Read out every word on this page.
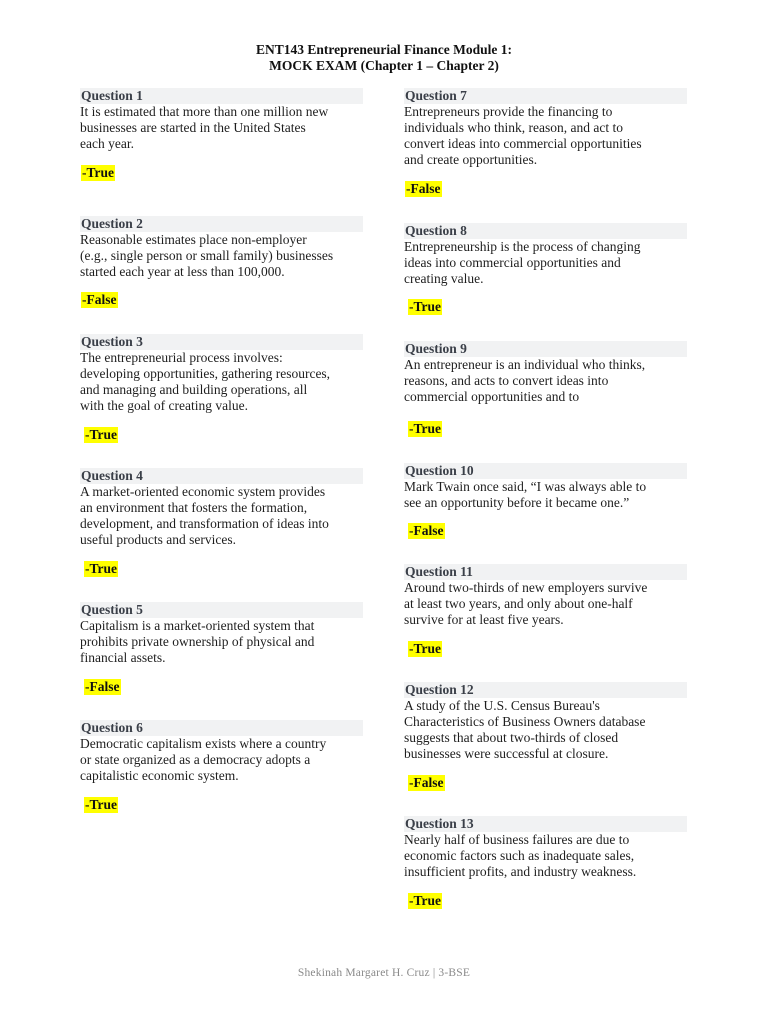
ENT143 Entrepreneurial Finance Module 1:
MOCK EXAM (Chapter 1 – Chapter 2)
Question 1
It is estimated that more than one million new
businesses are started in the United States
each year.
-True
Question 2
Reasonable estimates place non-employer
(e.g., single person or small family) businesses
started each year at less than 100,000.
-False
Question 3
The entrepreneurial process involves:
developing opportunities, gathering resources,
and managing and building operations, all
with the goal of creating value.
-True
Question 4
A market-oriented economic system provides
an environment that fosters the formation,
development, and transformation of ideas into
useful products and services.
-True
Question 5
Capitalism is a market-oriented system that
prohibits private ownership of physical and
financial assets.
-False
Question 6
Democratic capitalism exists where a country
or state organized as a democracy adopts a
capitalistic economic system.
-True
Question 7
Entrepreneurs provide the financing to
individuals who think, reason, and act to
convert ideas into commercial opportunities
and create opportunities.
-False
Question 8
Entrepreneurship is the process of changing
ideas into commercial opportunities and
creating value.
-True
Question 9
An entrepreneur is an individual who thinks,
reasons, and acts to convert ideas into
commercial opportunities and to
-True
Question 10
Mark Twain once said, “I was always able to
see an opportunity before it became one.”
-False
Question 11
Around two-thirds of new employers survive
at least two years, and only about one-half
survive for at least five years.
-True
Question 12
A study of the U.S. Census Bureau's
Characteristics of Business Owners database
suggests that about two-thirds of closed
businesses were successful at closure.
-False
Question 13
Nearly half of business failures are due to
economic factors such as inadequate sales,
insufficient profits, and industry weakness.
-True
Shekinah Margaret H. Cruz | 3-BSE
